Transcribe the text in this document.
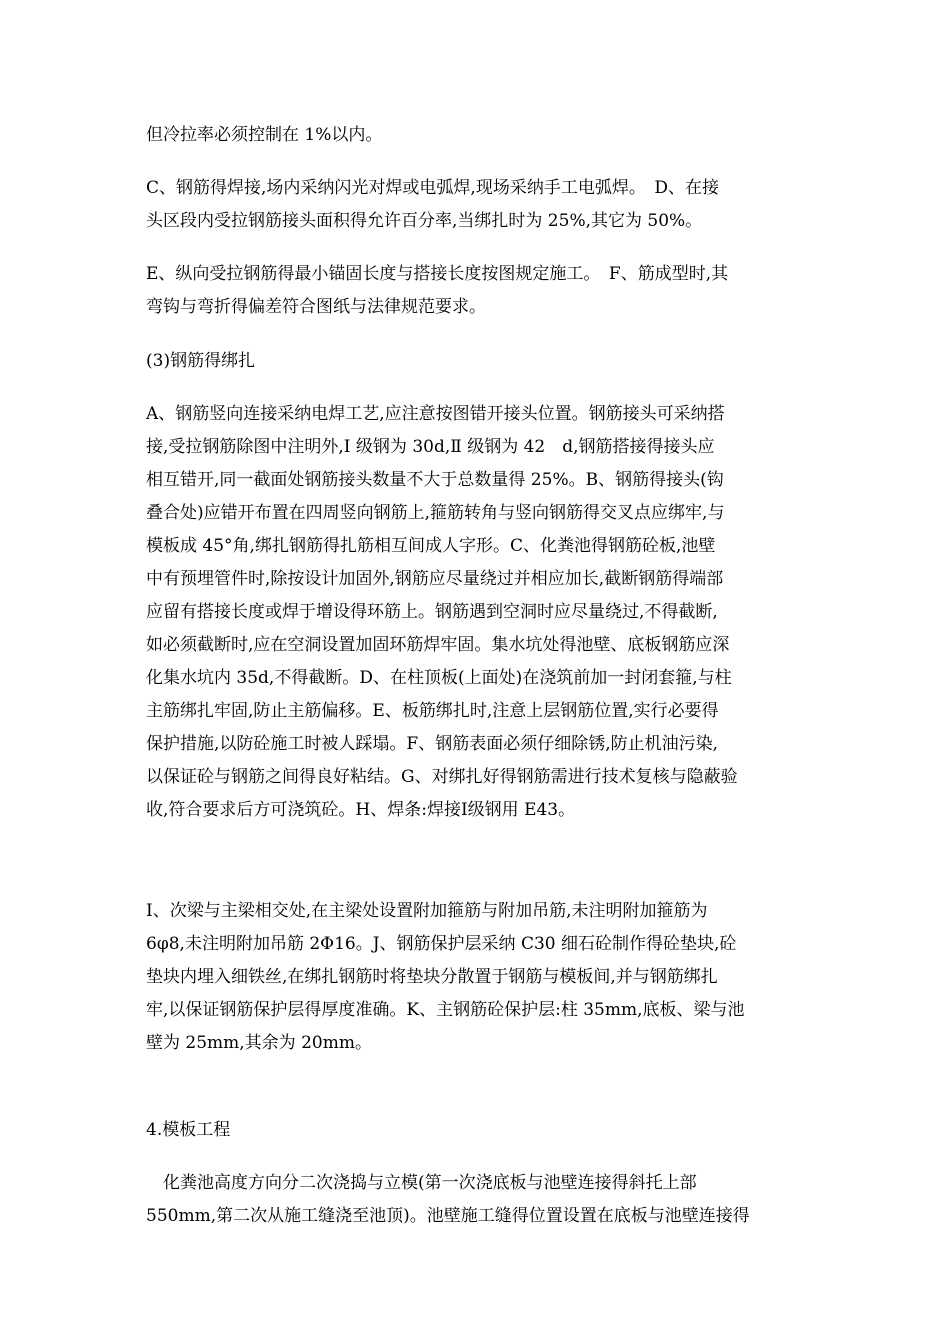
但冷拉率必须控制在 1%以内。
C、钢筋得焊接,场内采纳闪光对焊或电弧焊,现场采纳手工电弧焊。　D、在接
头区段内受拉钢筋接头面积得允许百分率,当绑扎时为 25%,其它为 50%。
E、纵向受拉钢筋得最小锚固长度与搭接长度按图规定施工。　F、筋成型时,其
弯钩与弯折得偏差符合图纸与法律规范要求。
(3)钢筋得绑扎
A、钢筋竖向连接采纳电焊工艺,应注意按图错开接头位置。钢筋接头可采纳搭
接,受拉钢筋除图中注明外,Ⅰ 级钢为 30d,Ⅱ 级钢为 42　d,钢筋搭接得接头应
相互错开,同一截面处钢筋接头数量不大于总数量得 25%。B、钢筋得接头(钩
叠合处)应错开布置在四周竖向钢筋上,箍筋转角与竖向钢筋得交叉点应绑牢,与
模板成 45°角,绑扎钢筋得扎筋相互间成人字形。C、化粪池得钢筋砼板,池壁
中有预埋管件时,除按设计加固外,钢筋应尽量绕过并相应加长,截断钢筋得端部
应留有搭接长度或焊于增设得环筋上。钢筋遇到空洞时应尽量绕过,不得截断,
如必须截断时,应在空洞设置加固环筋焊牢固。集水坑处得池壁、底板钢筋应深
化集水坑内 35d,不得截断。D、在柱顶板(上面处)在浇筑前加一封闭套箍,与柱
主筋绑扎牢固,防止主筋偏移。E、板筋绑扎时,注意上层钢筋位置,实行必要得
保护措施,以防砼施工时被人踩塌。F、钢筋表面必须仔细除锈,防止机油污染,
以保证砼与钢筋之间得良好粘结。G、对绑扎好得钢筋需进行技术复核与隐蔽验
收,符合要求后方可浇筑砼。H、焊条:焊接Ⅰ级钢用 E43。
I、次梁与主梁相交处,在主梁处设置附加箍筋与附加吊筋,未注明附加箍筋为
6φ8,未注明附加吊筋 2Φ16。J、钢筋保护层采纳 C30 细石砼制作得砼垫块,砼
垫块内埋入细铁丝,在绑扎钢筋时将垫块分散置于钢筋与模板间,并与钢筋绑扎
牢,以保证钢筋保护层得厚度准确。K、主钢筋砼保护层:柱 35mm,底板、梁与池
壁为 25mm,其余为 20mm。
4.模板工程
　化粪池高度方向分二次浇捣与立模(第一次浇底板与池壁连接得斜托上部
550mm,第二次从施工缝浇至池顶)。池壁施工缝得位置设置在底板与池壁连接得
